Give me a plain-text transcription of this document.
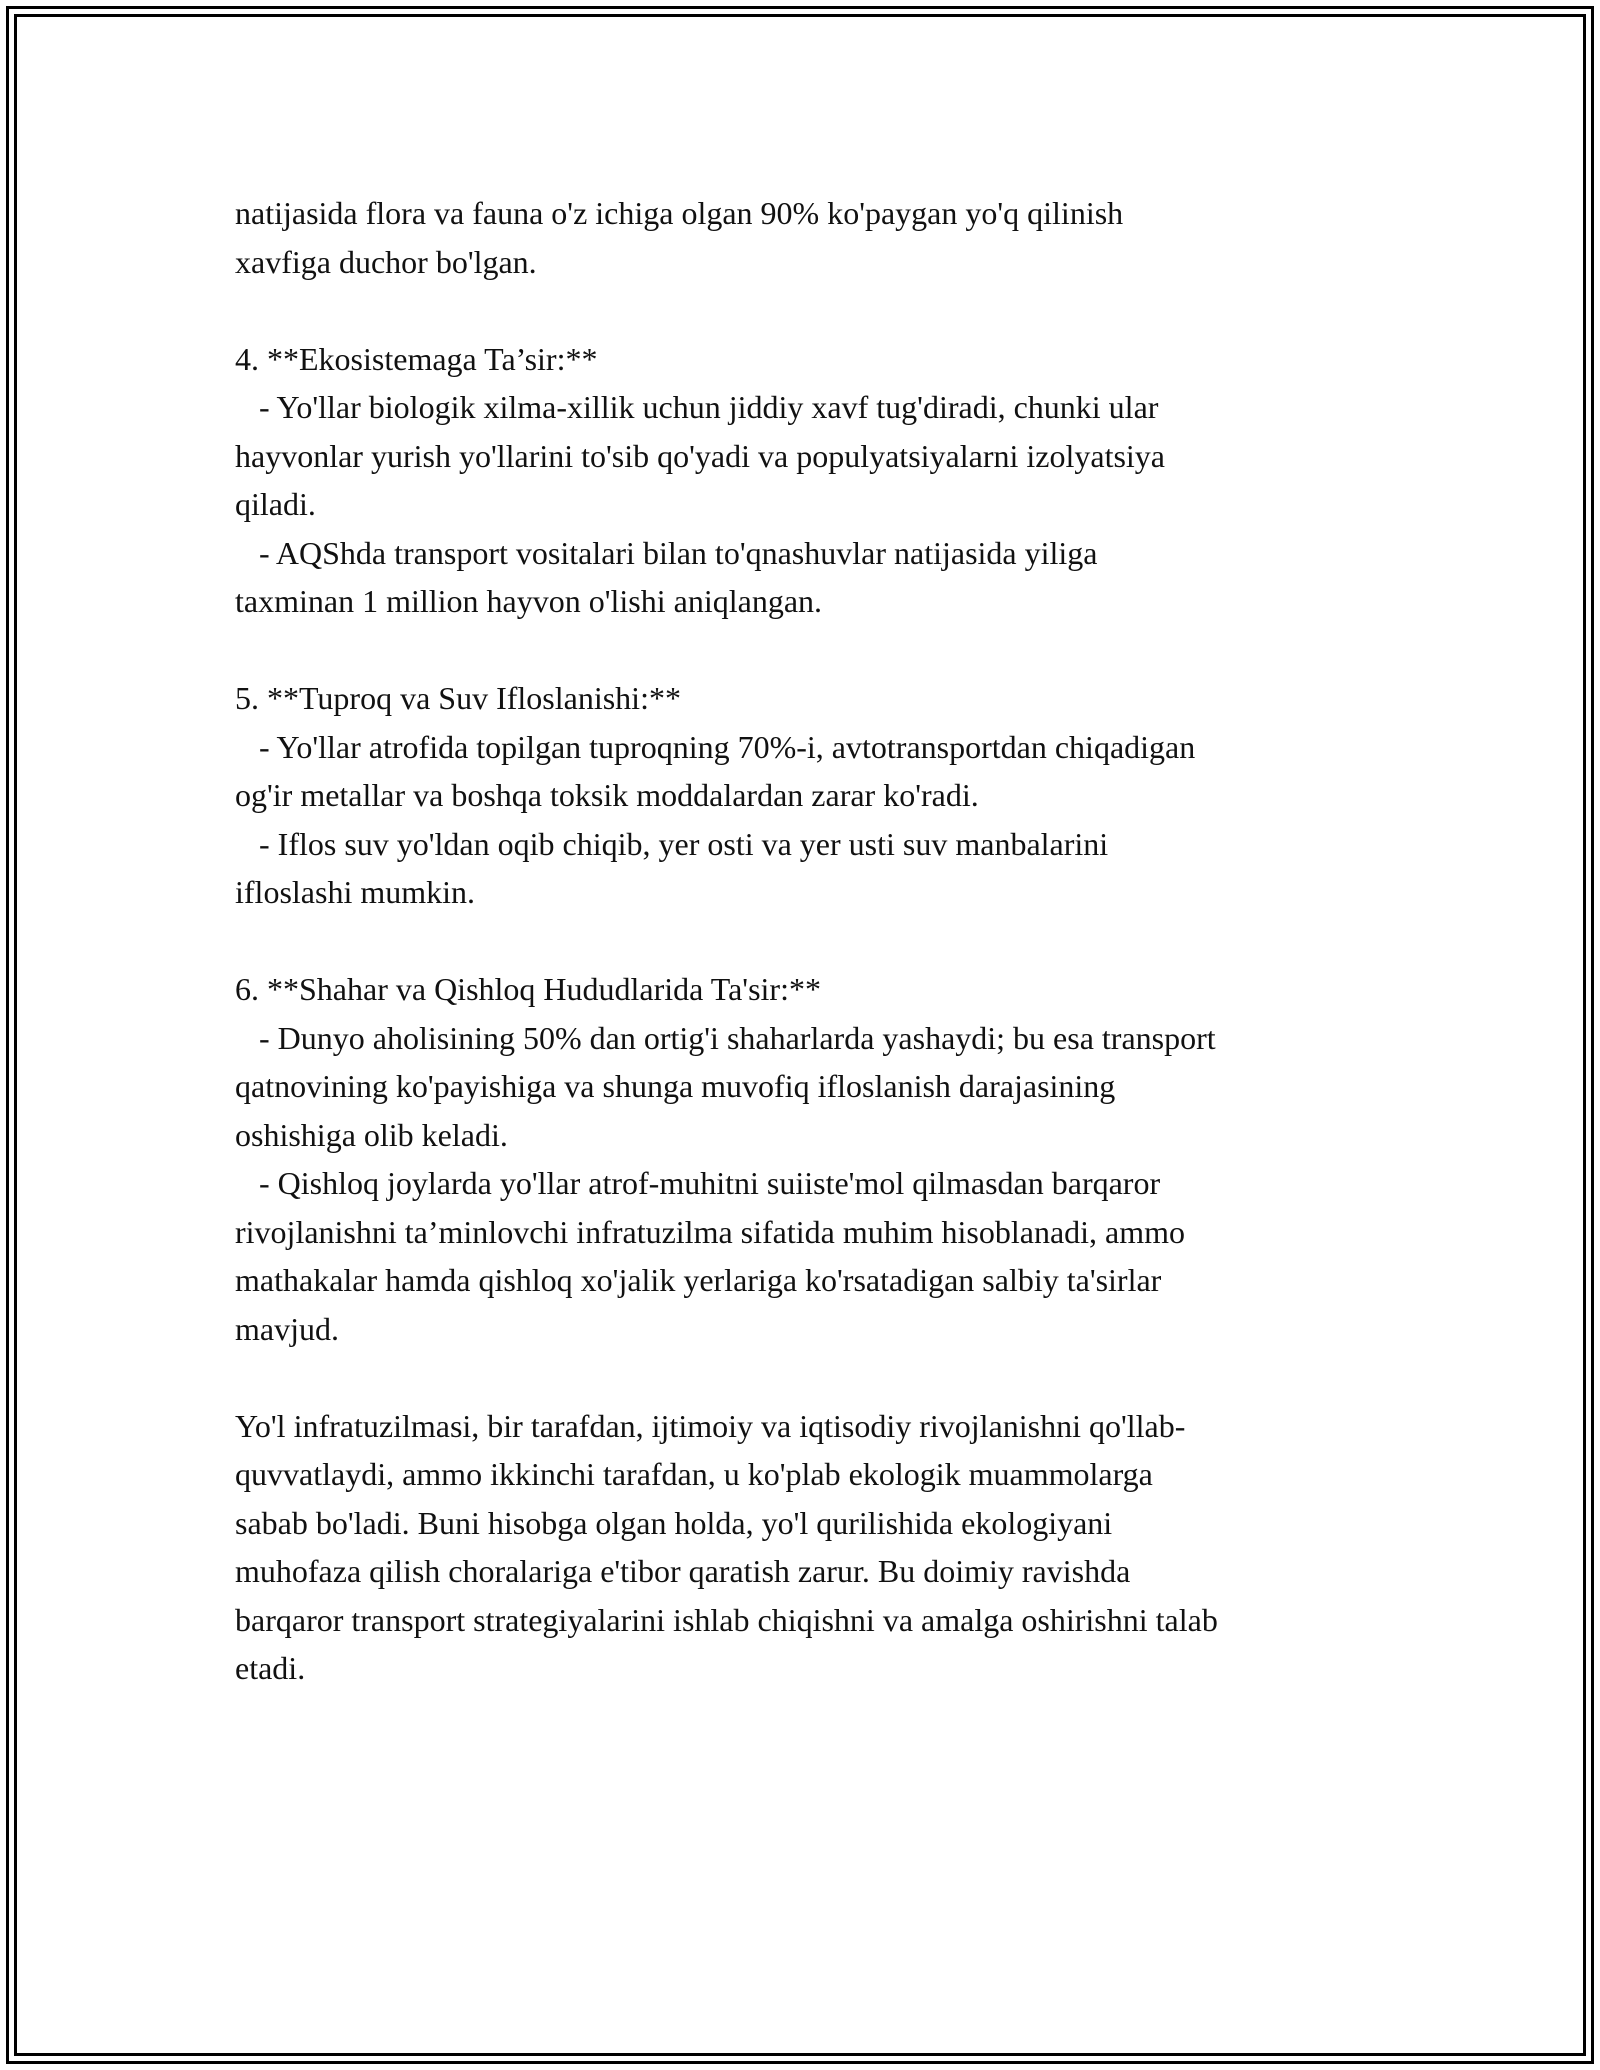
natijasida flora va fauna o'z ichiga olgan 90% ko'paygan yo'q qilinish
xavfiga duchor bo'lgan.
4. **Ekosistemaga Ta’sir:**
- Yo'llar biologik xilma-xillik uchun jiddiy xavf tug'diradi, chunki ular
hayvonlar yurish yo'llarini to'sib qo'yadi va populyatsiyalarni izolyatsiya
qiladi.
- AQShda transport vositalari bilan to'qnashuvlar natijasida yiliga
taxminan 1 million hayvon o'lishi aniqlangan.
5. **Tuproq va Suv Ifloslanishi:**
- Yo'llar atrofida topilgan tuproqning 70%-i, avtotransportdan chiqadigan
og'ir metallar va boshqa toksik moddalardan zarar ko'radi.
- Iflos suv yo'ldan oqib chiqib, yer osti va yer usti suv manbalarini
ifloslashi mumkin.
6. **Shahar va Qishloq Hududlarida Ta'sir:**
- Dunyo aholisining 50% dan ortig'i shaharlarda yashaydi; bu esa transport
qatnovining ko'payishiga va shunga muvofiq ifloslanish darajasining
oshishiga olib keladi.
- Qishloq joylarda yo'llar atrof-muhitni suiiste'mol qilmasdan barqaror
rivojlanishni ta’minlovchi infratuzilma sifatida muhim hisoblanadi, ammo
mathakalar hamda qishloq xo'jalik yerlariga ko'rsatadigan salbiy ta'sirlar
mavjud.
Yo'l infratuzilmasi, bir tarafdan, ijtimoiy va iqtisodiy rivojlanishni qo'llab-
quvvatlaydi, ammo ikkinchi tarafdan, u ko'plab ekologik muammolarga
sabab bo'ladi. Buni hisobga olgan holda, yo'l qurilishida ekologiyani
muhofaza qilish choralariga e'tibor qaratish zarur. Bu doimiy ravishda
barqaror transport strategiyalarini ishlab chiqishni va amalga oshirishni talab
etadi.
